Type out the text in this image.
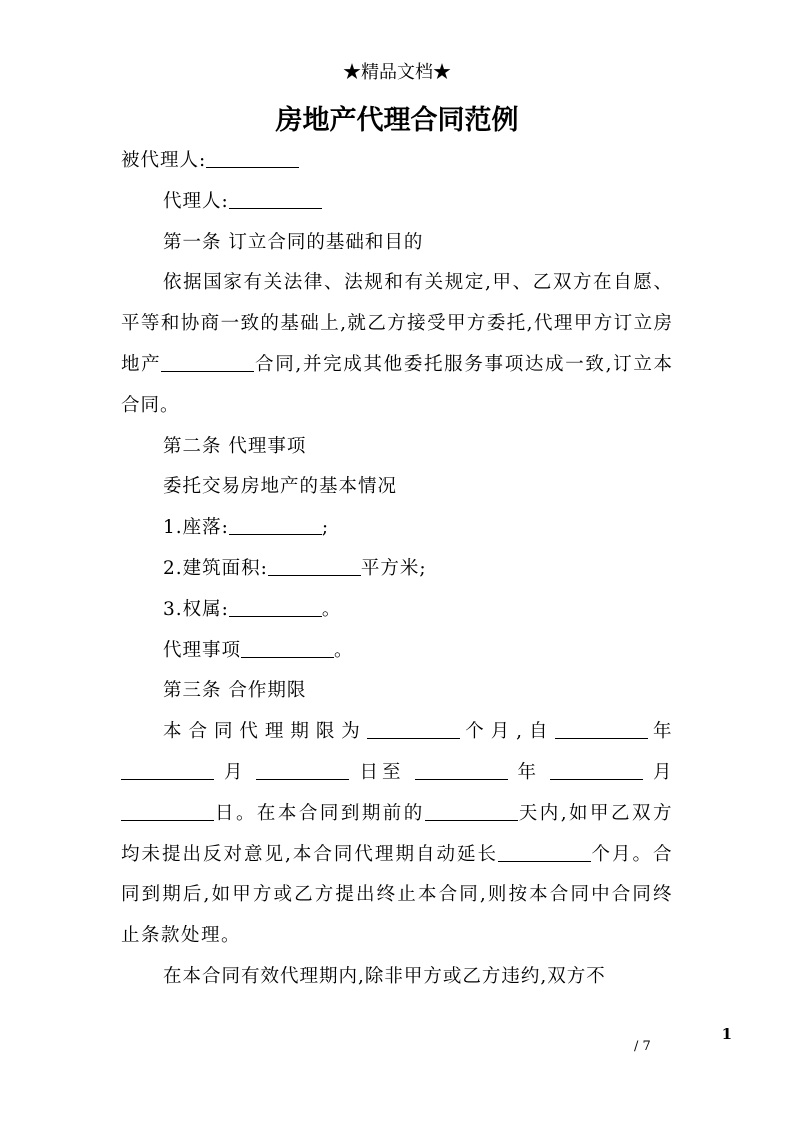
★精品文档★
房地产代理合同范例

被代理人:

代理人:

第一条 订立合同的基础和目的

依据国家有关法律、法规和有关规定,甲、乙双方在自愿、平等和协商一致的基础上,就乙方接受甲方委托,代理甲方订立房地产	合同,并完成其他委托服务事项达成一致,订立本合同。

第二条 代理事项

委托交易房地产的基本情况

1.座落:	;

2.建筑面积:	平方米;

3.权属:	。

代理事项	。

第三条 合作期限

本合同代理期限为	个月,自	年  月	日至	年	月 日。在本合同到期前的	天内,如甲乙双方均未提出反对意见,本合同代理期自动延长	个月。合同到期后,如甲方或乙方提出终止本合同,则按本合同中合同终止条款处理。

在本合同有效代理期内,除非甲方或乙方违约,双方不

1
/ 7
